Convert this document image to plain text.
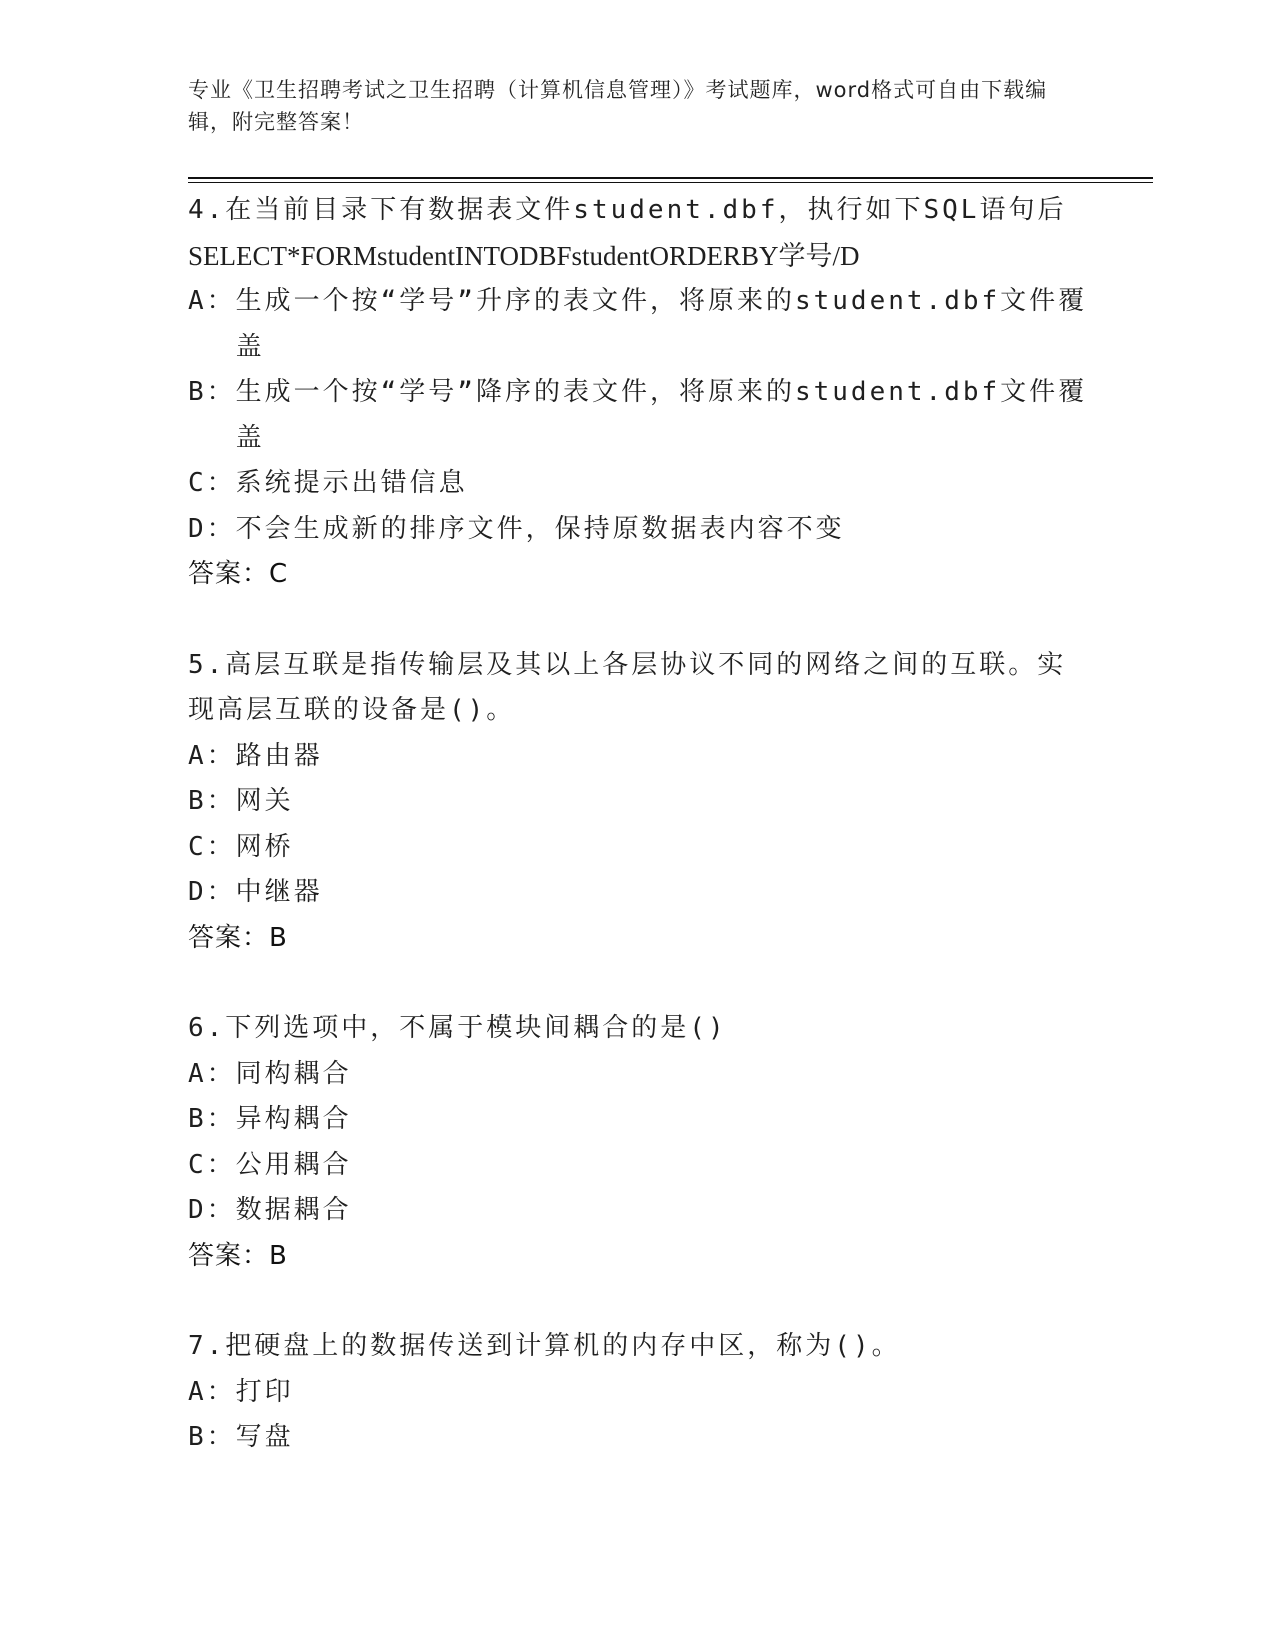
专业《卫生招聘考试之卫生招聘（计算机信息管理）》考试题库，word格式可自由下载编辑，附完整答案！
4.在当前目录下有数据表文件student.dbf，执行如下SQL语句后
SELECT*FORMstudentINTODBFstudentORDERBY学号/D
A： 生成一个按“学号”升序的表文件，将原来的student.dbf文件覆盖
B： 生成一个按“学号”降序的表文件，将原来的student.dbf文件覆盖
C： 系统提示出错信息
D： 不会生成新的排序文件，保持原数据表内容不变
答案：C
5.高层互联是指传输层及其以上各层协议不同的网络之间的互联。实现高层互联的设备是()。
A： 路由器
B： 网关
C： 网桥
D： 中继器
答案：B
6.下列选项中，不属于模块间耦合的是()
A： 同构耦合
B： 异构耦合
C： 公用耦合
D： 数据耦合
答案：B
7.把硬盘上的数据传送到计算机的内存中区，称为()。
A： 打印
B： 写盘
